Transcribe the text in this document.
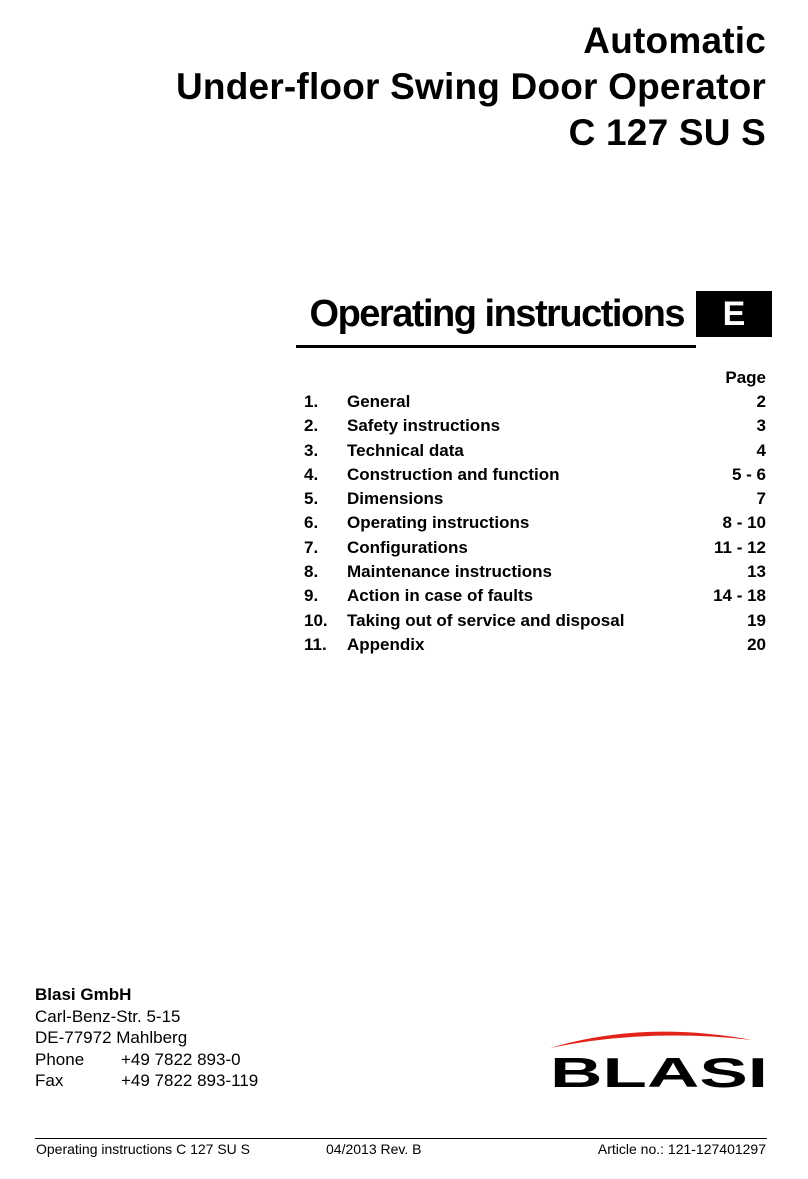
Automatic
Under-floor Swing Door Operator
C 127 SU S
Operating instructions	E
Page
1. General	2
2. Safety instructions	3
3. Technical data	4
4. Construction and function	5 - 6
5. Dimensions	7
6. Operating instructions	8 - 10
7. Configurations	11 - 12
8. Maintenance instructions	13
9. Action in case of faults	14 - 18
10. Taking out of service and disposal	19
11. Appendix	20
Blasi GmbH
Carl-Benz-Str. 5-15
DE-77972 Mahlberg
Phone +49 7822 893-0
Fax	+49 7822 893-119	BLASI
Operating instructions C 127 SU S	04/2013 Rev. B	Article no.: 121-127401297
